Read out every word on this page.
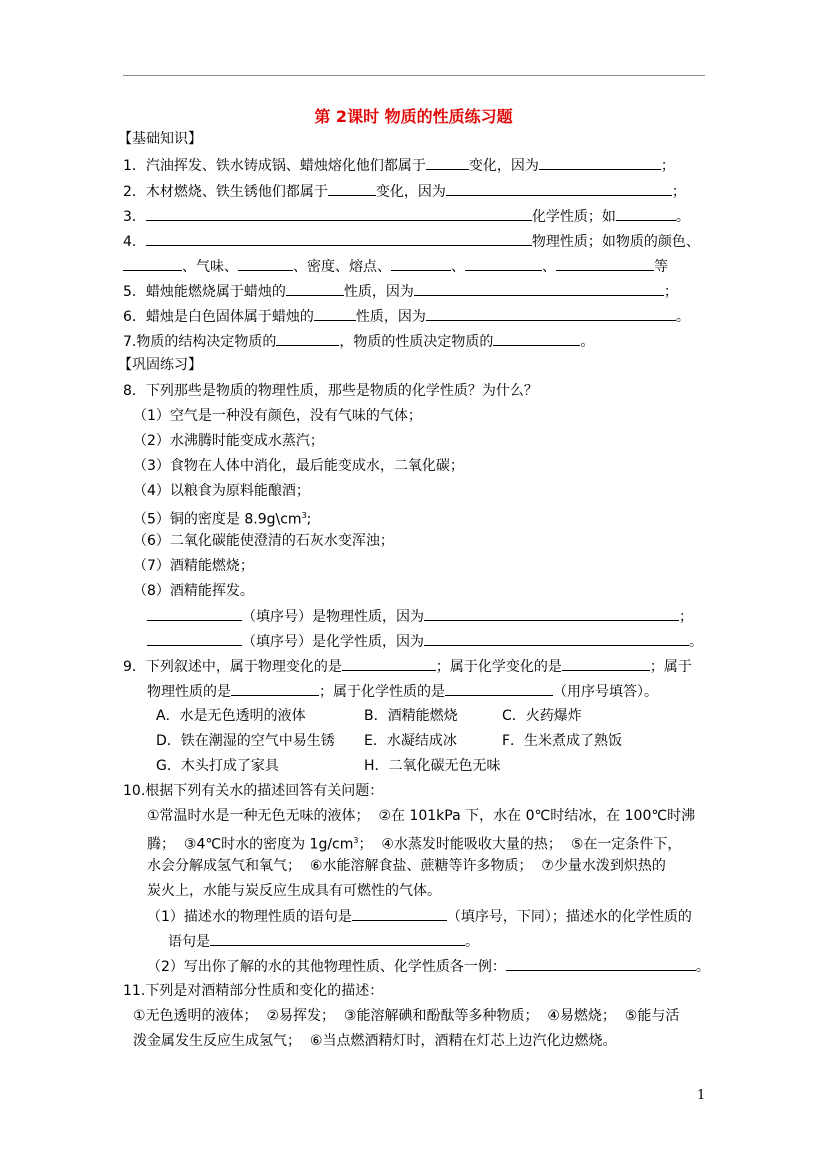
第 2课时 物质的性质练习题
【基础知识】
1．汽油挥发、铁水铸成锅、蜡烛熔化他们都属于	变化，因为	；
2．木材燃烧、铁生锈他们都属于	变化，因为	；
3．	化学性质；如	。
4．	物理性质；如物质的颜色、
、气味、	、密度、熔点、	、	、	等
5．蜡烛能燃烧属于蜡烛的	性质，因为	；
6．蜡烛是白色固体属于蜡烛的	性质，因为	。
7.物质的结构决定物质的	，物质的性质决定物质的	。
【巩固练习】
8．下列那些是物质的物理性质，那些是物质的化学性质？为什么？
（1）空气是一种没有颜色，没有气味的气体；
（2）水沸腾时能变成水蒸汽；
（3）食物在人体中消化，最后能变成水，二氧化碳；
（4）以粮食为原料能酿酒；
（5）铜的密度是 $8.9g\backslash cm^3$;
（6）二氧化碳能使澄清的石灰水变浑浊；
（7）酒精能燃烧；
（8）酒精能挥发。
（填序号）是物理性质，因为	；
（填序号）是化学性质，因为	。
9．下列叙述中，属于物理变化的是	；属于化学变化的是	；属于
物理性质的是	；属于化学性质的是	（用序号填答）。
A．水是无色透明的液体	B．酒精能燃烧	C．火药爆炸
D．铁在潮湿的空气中易生锈 E．水凝结成冰	F．生米煮成了熟饭
G．木头打成了家具	H．二氧化碳无色无味
10.根据下列有关水的描述回答有关问题：
①常温时水是一种无色无味的液体；  ②在 101kPa 下，水在 0℃时结冰，在 100℃时沸
腾；  ③4℃时水的密度为 $1g/cm^3$；  ④水蒸发时能吸收大量的热；  ⑤在一定条件下，
水会分解成氢气和氧气；  ⑥水能溶解食盐、蔗糖等许多物质；  ⑦少量水泼到炽热的
炭火上，水能与炭反应生成具有可燃性的气体。
（1）描述水的物理性质的语句是	（填序号，下同）；描述水的化学性质的
语句是	。
（2）写出你了解的水的其他物理性质、化学性质各一例：	。
11.下列是对酒精部分性质和变化的描述：
①无色透明的液体；  ②易挥发；  ③能溶解碘和酚酞等多种物质；  ④易燃烧；  ⑤能与活
泼金属发生反应生成氢气；  ⑥当点燃酒精灯时，酒精在灯芯上边汽化边燃烧。
1
